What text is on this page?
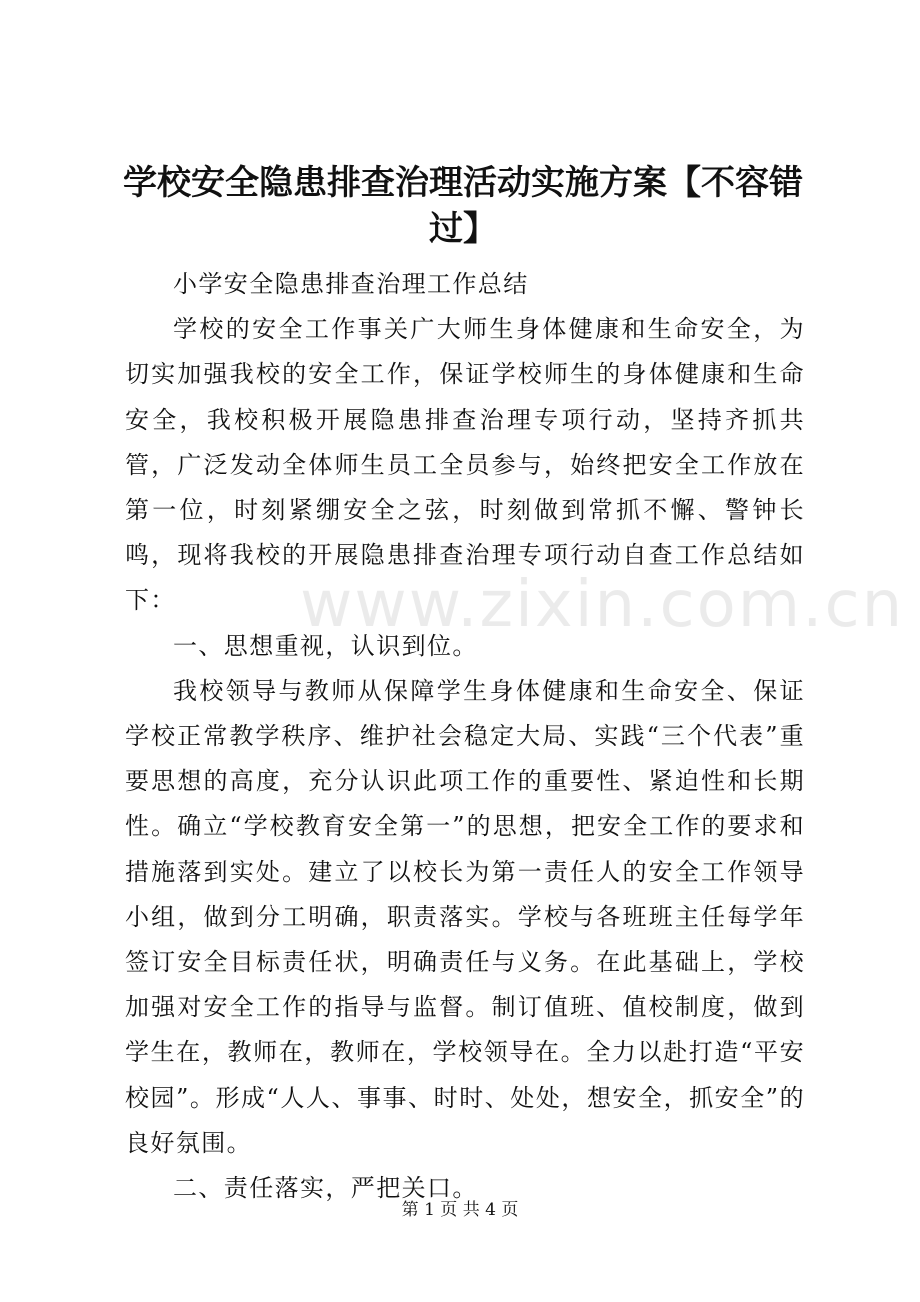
学校安全隐患排查治理活动实施方案【不容错过】

小学安全隐患排查治理工作总结

学校的安全工作事关广大师生身体健康和生命安全，为切实加强我校的安全工作，保证学校师生的身体健康和生命安全，我校积极开展隐患排查治理专项行动，坚持齐抓共管，广泛发动全体师生员工全员参与，始终把安全工作放在第一位，时刻紧绷安全之弦，时刻做到常抓不懈、警钟长鸣，现将我校的开展隐患排查治理专项行动自查工作总结如下：

一、思想重视，认识到位。

我校领导与教师从保障学生身体健康和生命安全、保证学校正常教学秩序、维护社会稳定大局、实践“三个代表”重要思想的高度，充分认识此项工作的重要性、紧迫性和长期性。确立“学校教育安全第一”的思想，把安全工作的要求和措施落到实处。建立了以校长为第一责任人的安全工作领导小组，做到分工明确，职责落实。学校与各班班主任每学年签订安全目标责任状，明确责任与义务。在此基础上，学校加强对安全工作的指导与监督。制订值班、值校制度，做到学生在，教师在，教师在，学校领导在。全力以赴打造“平安校园”。形成“人人、事事、时时、处处，想安全，抓安全”的良好氛围。

二、责任落实，严把关口。

www.zixin.com.cn
第 1 页 共 4 页
